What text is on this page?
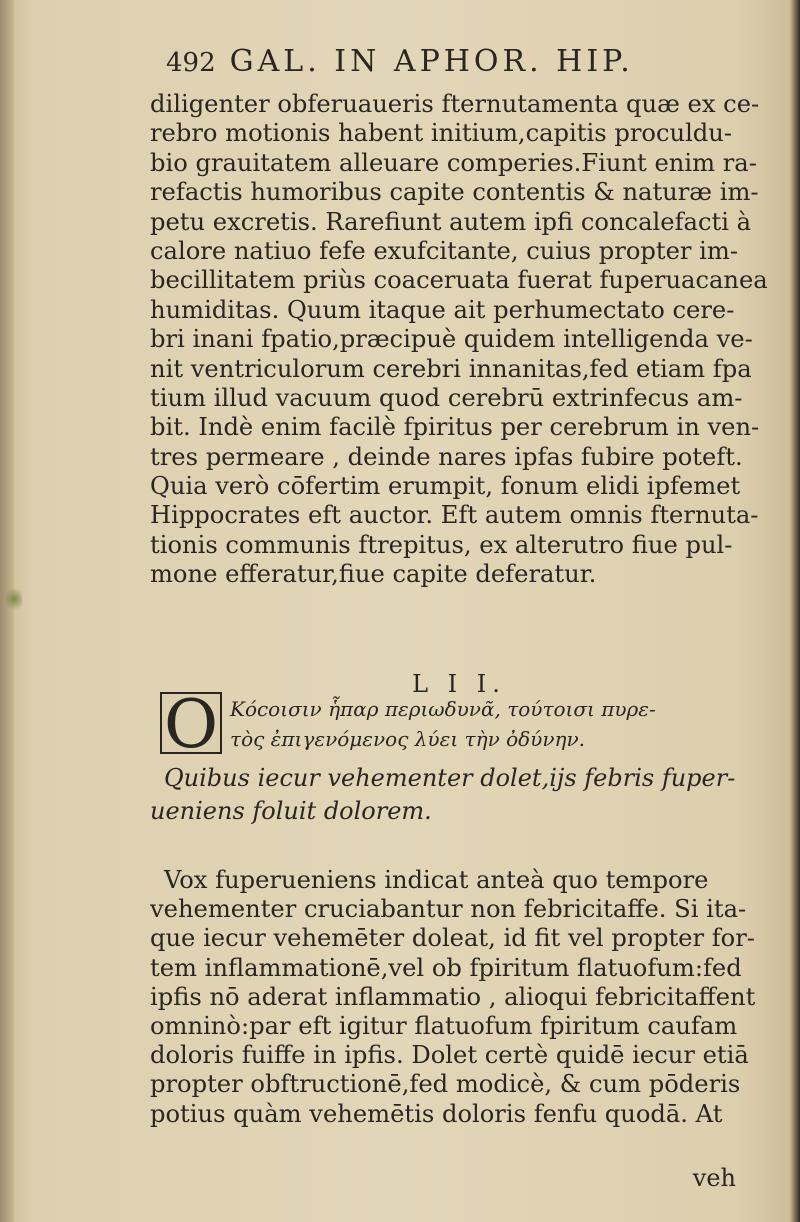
492 GAL. IN APHOR. HIP.
diligenter obferuaueris fternutamenta quæ ex ce-
rebro motionis habent initium,capitis proculdu-
bio grauitatem alleuare comperies.Fiunt enim ra-
refactis humoribus capite contentis & naturæ im-
petu excretis. Rarefiunt autem ipfi concalefacti à
calore natiuo fefe exufcitante, cuius propter im-
becillitatem priùs coaceruata fuerat fuperuacanea
humiditas. Quum itaque ait perhumectato cere-
bri inani fpatio,præcipuè quidem intelligenda ve-
nit ventriculorum cerebri innanitas,fed etiam fpa
tium illud vacuum quod cerebrū extrinfecus am-
bit. Indè enim facilè fpiritus per cerebrum in ven-
tres permeare , deinde nares ipfas fubire poteft.
Quia verò cōfertim erumpit, fonum elidi ipfemet
Hippocrates eft auctor. Eft autem omnis fternuta-
tionis communis ftrepitus, ex alterutro fiue pul-
mone efferatur,fiue capite deferatur.
L I I.
O Κόϲοισιν ἧπαρ περιωδυνᾶ, τούτοισι πυρε-
τὸς ἐπιγενόμενος λύει τὴν ὀδύνην.
Quibus iecur vehementer dolet,ijs febris fuper-
ueniens foluit dolorem.
Vox fuperueniens indicat anteà quo tempore
vehementer cruciabantur non febricitaffe. Si ita-
que iecur vehemēter doleat, id fit vel propter for-
tem inflammationē,vel ob fpiritum flatuofum:fed
ipfis nō aderat inflammatio , alioqui febricitaffent
omninò:par eft igitur flatuofum fpiritum caufam
doloris fuiffe in ipfis. Dolet certè quidē iecur etiā
propter obftructionē,fed modicè, & cum pōderis
potius quàm vehemētis doloris fenfu quodā. At
veh
